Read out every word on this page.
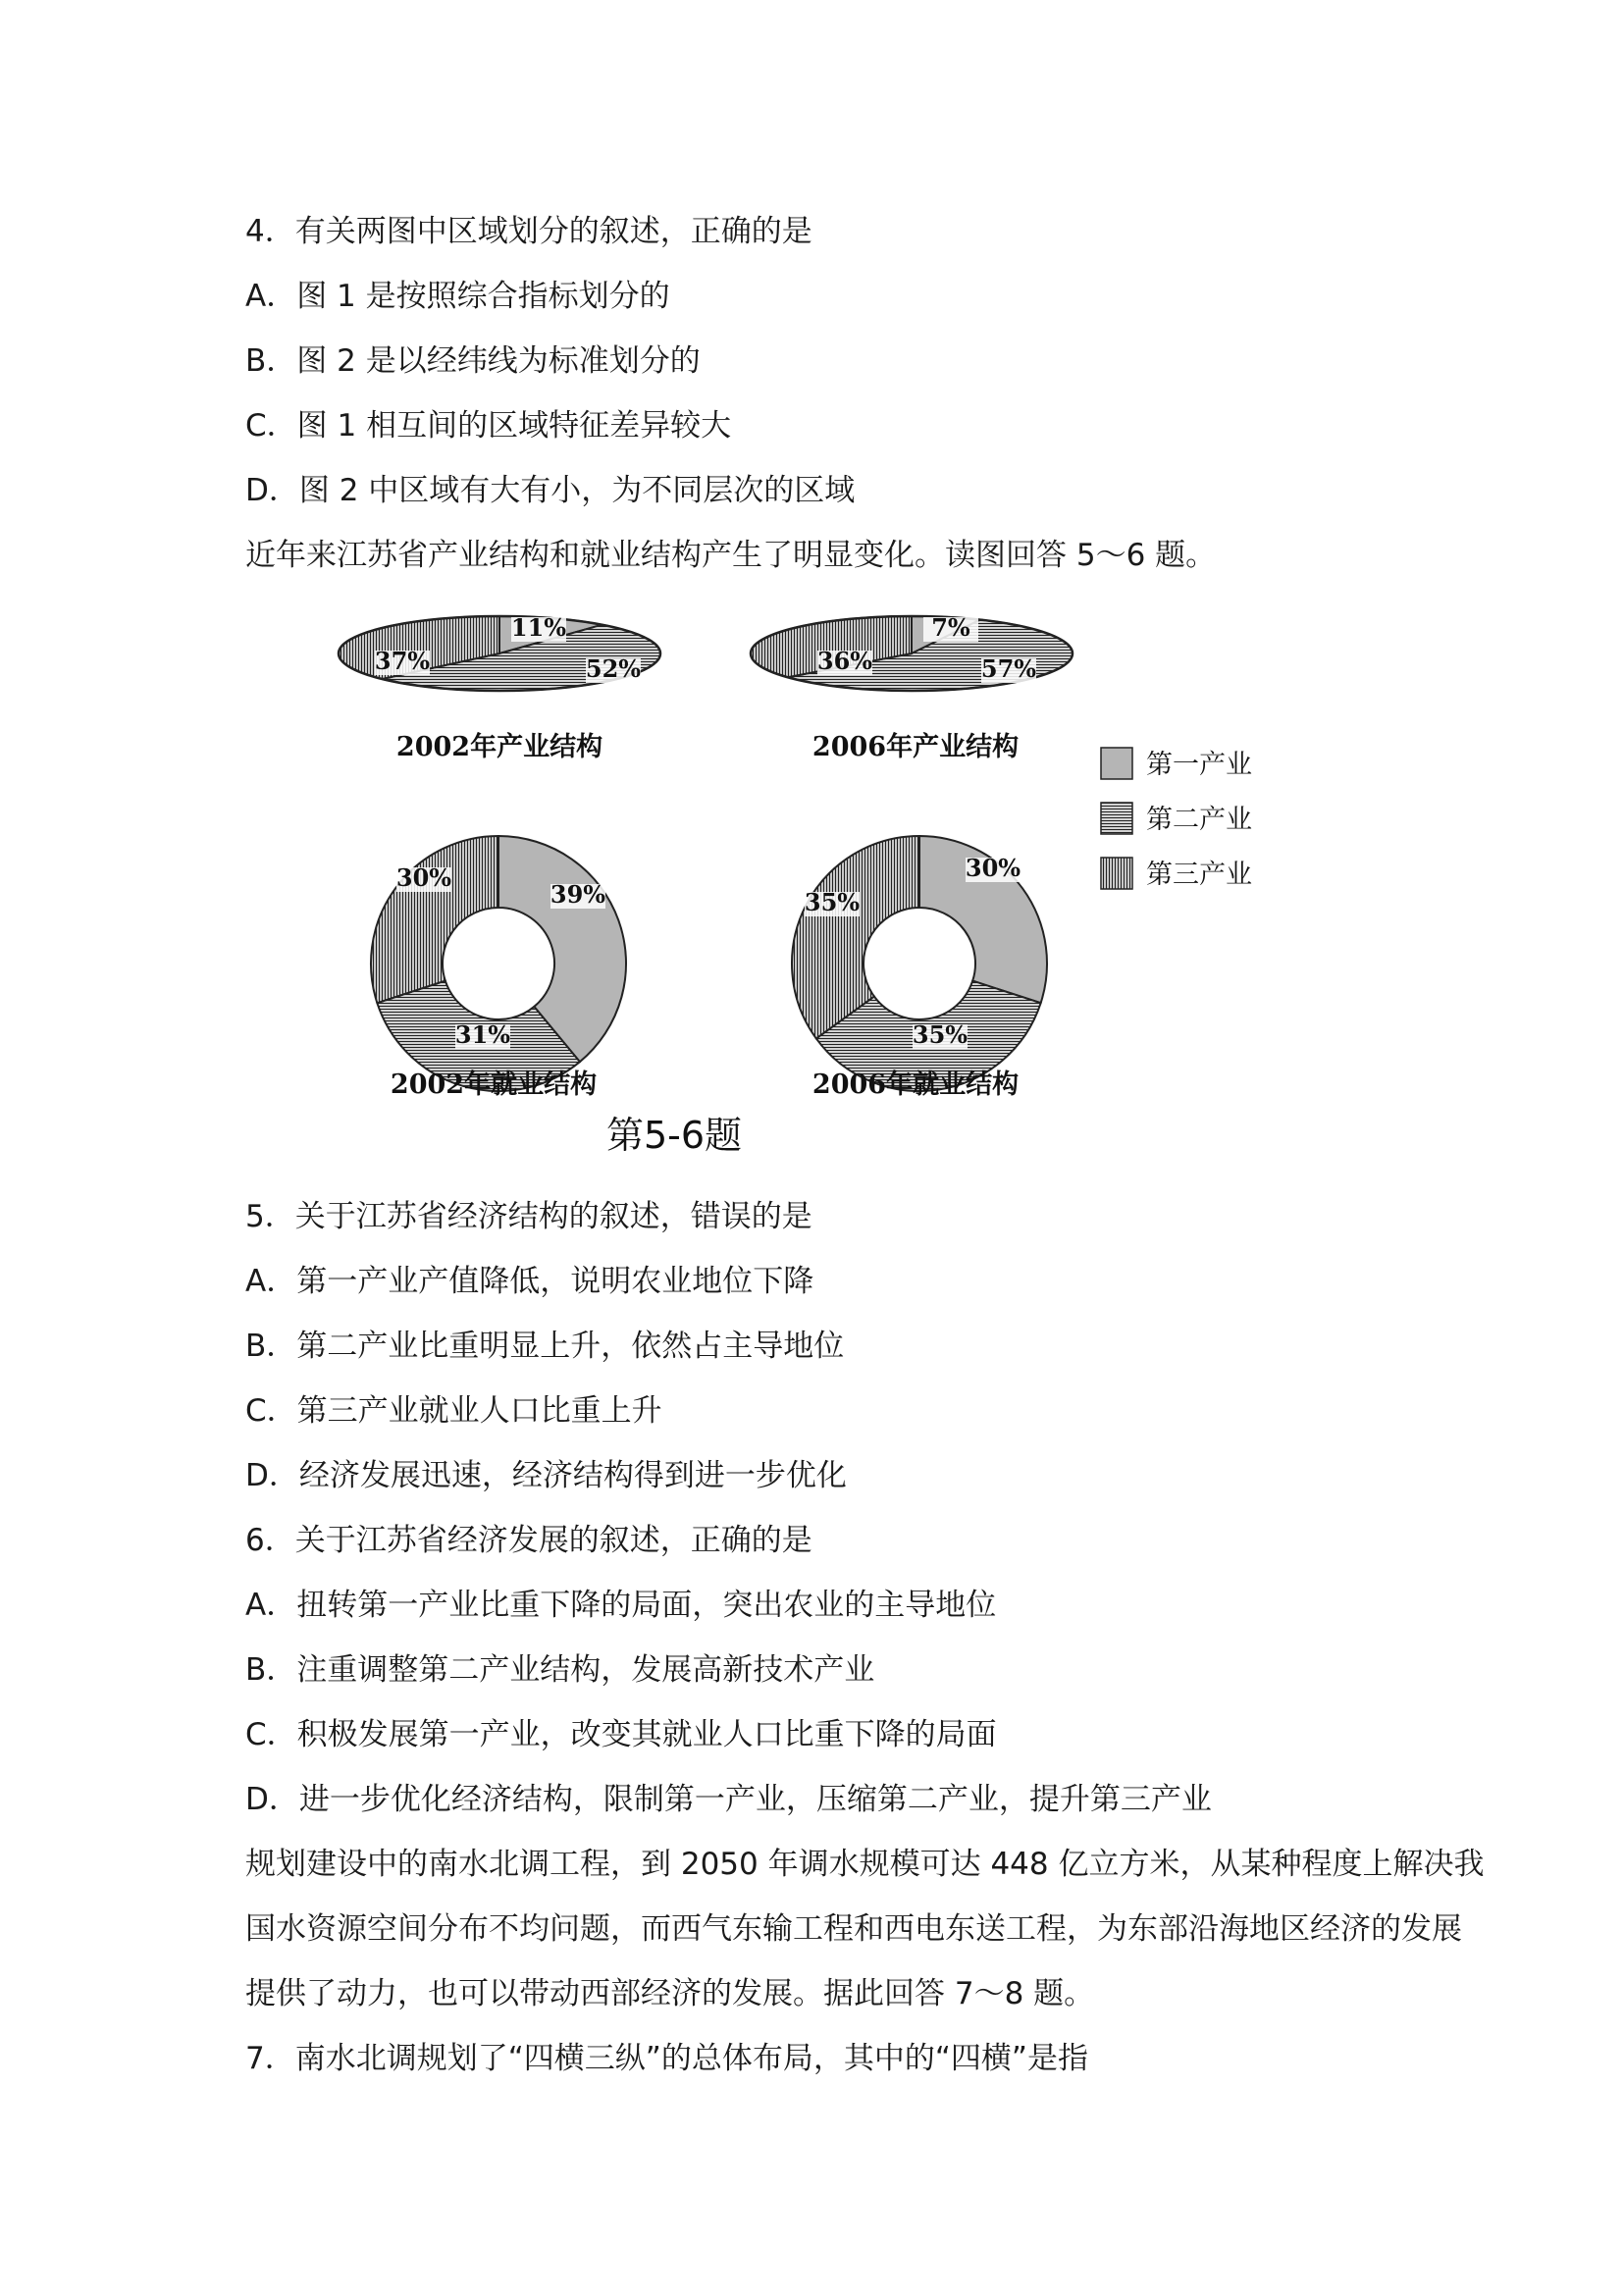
4．有关两图中区域划分的叙述，正确的是
A．图 1 是按照综合指标划分的
B．图 2 是以经纬线为标准划分的
C．图 1 相互间的区域特征差异较大
D．图 2 中区域有大有小，为不同层次的区域
近年来江苏省产业结构和就业结构产生了明显变化。读图回答 5～6 题。
11%
52%
37%
7%
57%
36%
39%
31%
30%	30%
35%
35%
2002年产业结构	2006年产业结构
2002年就业结构	2006年就业结构
第一产业
第二产业
第三产业
第5-6题
5．关于江苏省经济结构的叙述，错误的是
A．第一产业产值降低，说明农业地位下降
B．第二产业比重明显上升，依然占主导地位
C．第三产业就业人口比重上升
D．经济发展迅速，经济结构得到进一步优化
6．关于江苏省经济发展的叙述，正确的是
A．扭转第一产业比重下降的局面，突出农业的主导地位
B．注重调整第二产业结构，发展高新技术产业
C．积极发展第一产业，改变其就业人口比重下降的局面
D．进一步优化经济结构，限制第一产业，压缩第二产业，提升第三产业
规划建设中的南水北调工程，到 2050 年调水规模可达 448 亿立方米，从某种程度上解决我
国水资源空间分布不均问题，而西气东输工程和西电东送工程，为东部沿海地区经济的发展
提供了动力，也可以带动西部经济的发展。据此回答 7～8 题。
7．南水北调规划了“四横三纵”的总体布局，其中的“四横”是指
